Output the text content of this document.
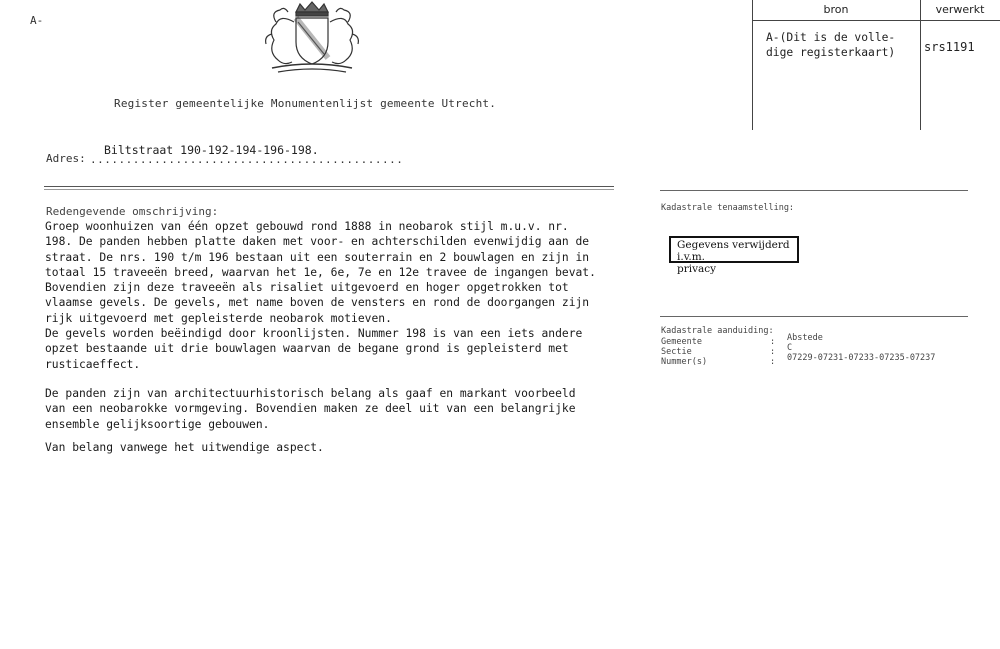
A-
Register gemeentelijke Monumentenlijst gemeente Utrecht.
Adres: ............................................
Biltstraat 190-192-194-196-198.
Redengevende omschrijving:
Groep woonhuizen van één opzet gebouwd rond 1888 in neobarok stijl m.u.v. nr.
198. De panden hebben platte daken met voor- en achterschilden evenwijdig aan de
straat. De nrs. 190 t/m 196 bestaan uit een souterrain en 2 bouwlagen en zijn in
totaal 15 traveeën breed, waarvan het 1e, 6e, 7e en 12e travee de ingangen bevat.
Bovendien zijn deze traveeën als risaliet uitgevoerd en hoger opgetrokken tot
vlaamse gevels. De gevels, met name boven de vensters en rond de doorgangen zijn
rijk uitgevoerd met gepleisterde neobarok motieven.
De gevels worden beëindigd door kroonlijsten. Nummer 198 is van een iets andere
opzet bestaande uit drie bouwlagen waarvan de begane grond is gepleisterd met
rusticaeffect.
De panden zijn van architectuurhistorisch belang als gaaf en markant voorbeeld
van een neobarokke vormgeving. Bovendien maken ze deel uit van een belangrijke
ensemble gelijksoortige gebouwen.
Van belang vanwege het uitwendige aspect.
bron	verwerkt
A-(Dit is de volle-
dige registerkaart) srs1191
Kadastrale tenaamstelling:
Gegevens verwijderd i.v.m.
privacy
Kadastrale aanduiding:
Gemeente	: Abstede
Sectie	: C
Nummer(s)	: 07229-07231-07233-07235-07237
